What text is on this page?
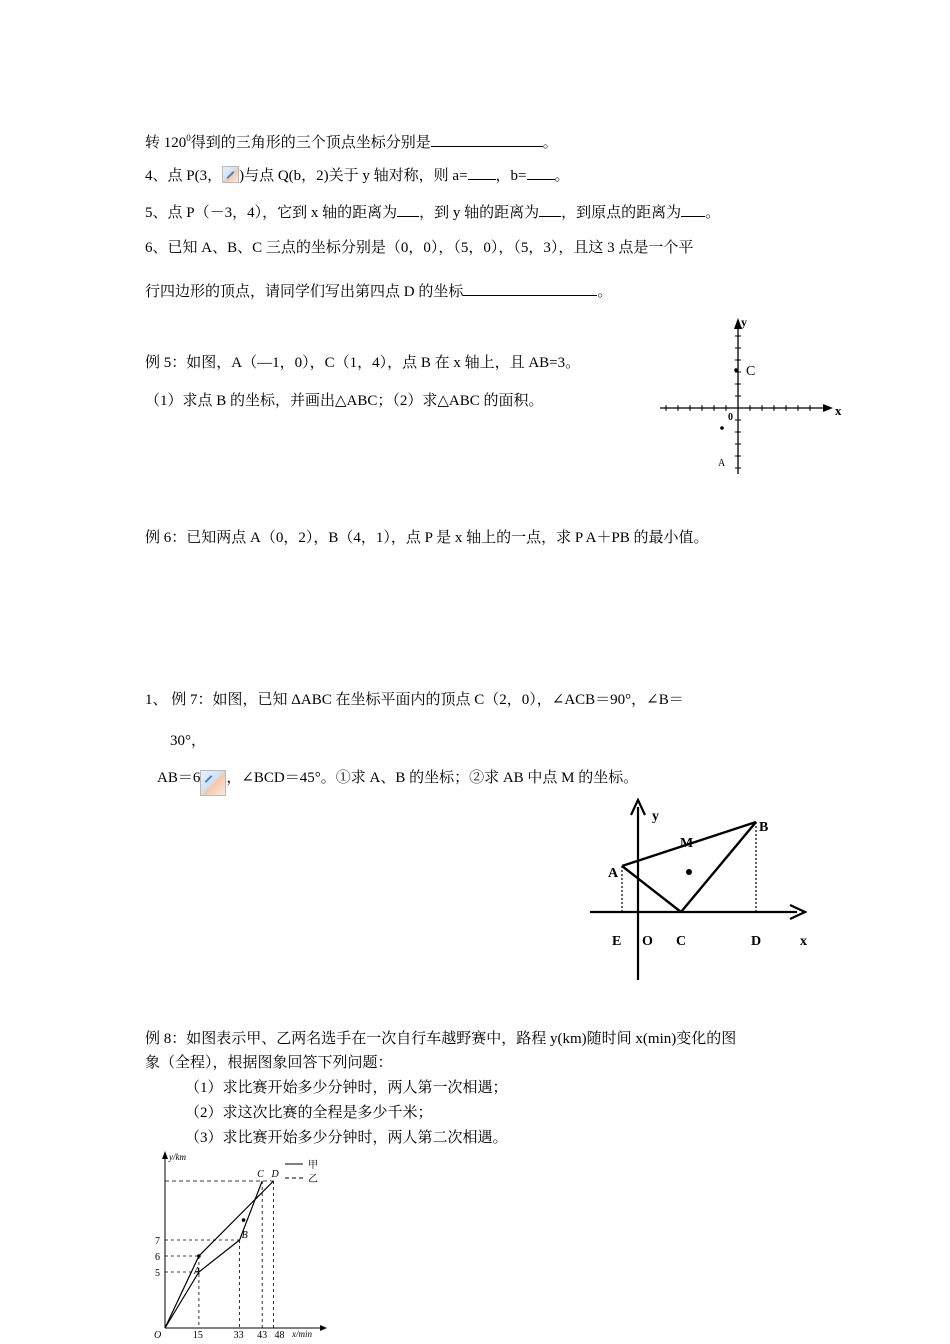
转 $120^0$得到的三角形的三个顶点坐标分别是	。
4、点 P(3， )与点 Q(b，2)关于 y 轴对称，则 a= ，b= 。
5、点 P（－3，4），它到 x 轴的距离为 ，到 y 轴的距离为 ，到原点的距离为 。
6、已知 A、B、C 三点的坐标分别是（0，0），（5，0），（5，3），且这 3 点是一个平
行四边形的顶点，请同学们写出第四点 D 的坐标	。
例 5：如图，A（—1，0），C（1，4），点 B 在 x 轴上，且 AB=3。
（1）求点 B 的坐标，并画出△ABC；（2）求△ABC 的面积。
y
x
0
C
A
例 6：已知两点 A（0，2），B（4，1），点 P 是 x 轴上的一点，求 P A＋PB 的最小值。
1、 例 7：如图，已知 ΔABC 在坐标平面内的顶点 C（2，0），∠ACB＝90°，∠B＝
30°，
AB＝6 ，∠BCD＝45°。①求 A、B 的坐标；②求 AB 中点 M 的坐标。
y
B
M
A
E O C	D	x
例 8：如图表示甲、乙两名选手在一次自行车越野赛中，路程 y(km)随时间 x(min)变化的图
象（全程），根据图象回答下列问题：
（1）求比赛开始多少分钟时，两人第一次相遇；
（2）求这次比赛的全程是多少千米；
（3）求比赛开始多少分钟时，两人第二次相遇。
y/km
x/min
O	15	33 43 48
5
6
7
A
B
C D
甲
乙
